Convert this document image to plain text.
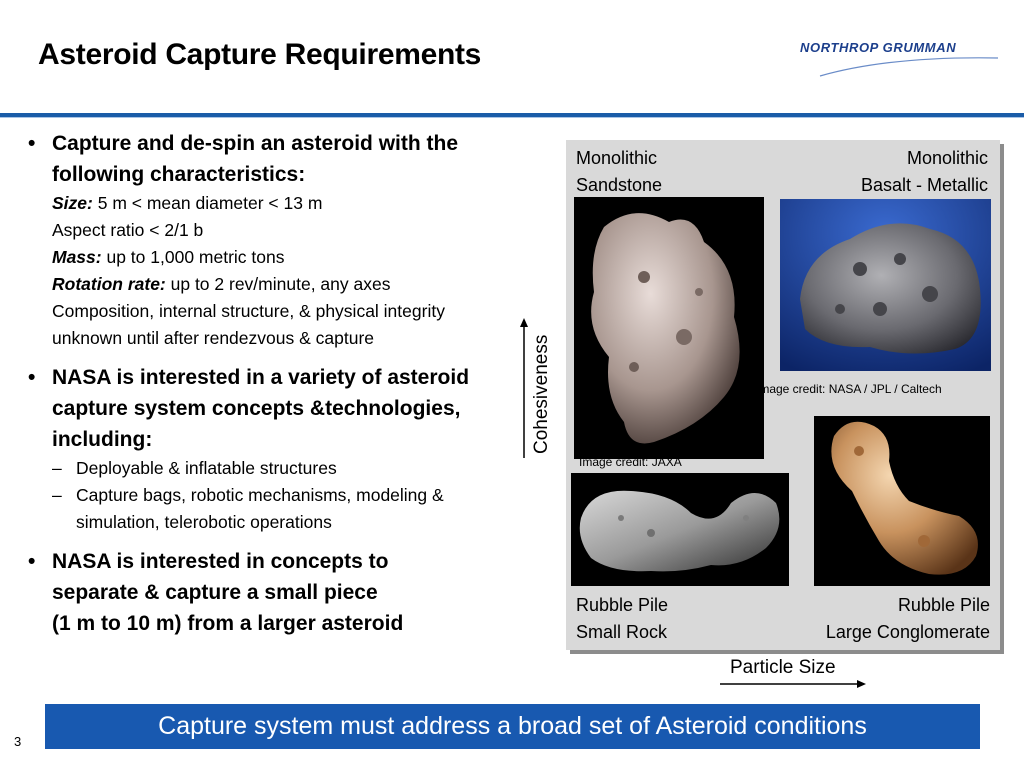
Asteroid Capture Requirements	NORTHROP GRUMMAN
• Capture and de-spin an asteroid with the following characteristics:
Size: 5 m < mean diameter < 13 m
Aspect ratio < 2/1 b
Mass: up to 1,000 metric tons
Rotation rate: up to 2 rev/minute, any axes
Composition, internal structure, & physical integrity unknown until after rendezvous & capture
• NASA is interested in a variety of asteroid capture system concepts &technologies, including:
– Deployable & inflatable structures
– Capture bags, robotic mechanisms, modeling & simulation, telerobotic operations
• NASA is interested in concepts to
separate & capture a small piece
(1 m to 10 m) from a larger asteroid
Monolithic
Sandstone
Monolithic
Basalt - Metallic
Image credit: NASA / JPL / Caltech
Image credit: JAXA
Rubble Pile
Small Rock
Rubble Pile
Large Conglomerate
Cohesiveness
Particle Size
Capture system must address a broad set of Asteroid conditions
3
